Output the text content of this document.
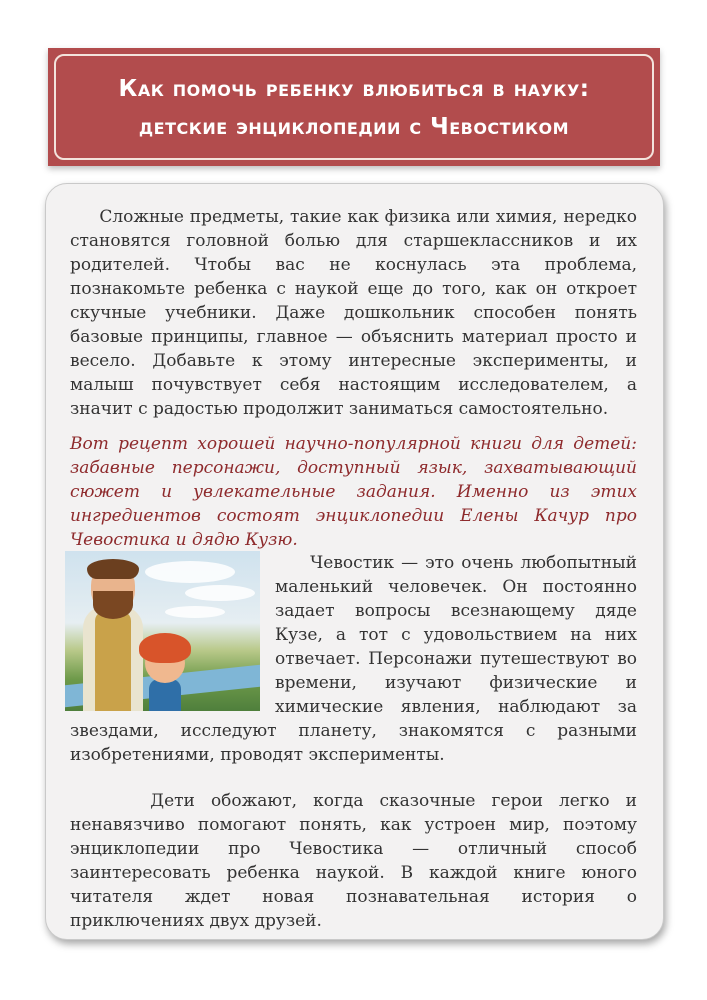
Как помочь ребенку влюбиться в науку:
детские энциклопедии с Чевостиком

Сложные предметы, такие как физика или химия, нередко становятся головной болью для старшеклассников и их родителей. Чтобы вас не коснулась эта проблема, познакомьте ребенка с наукой еще до того, как он откроет скучные учебники. Даже дошкольник способен понять базовые принципы, главное — объяснить материал просто и весело. Добавьте к этому интересные эксперименты, и малыш почувствует себя настоящим исследователем, а значит с радостью продолжит заниматься самостоятельно.

Вот рецепт хорошей научно-популярной книги для детей: забавные персонажи, доступный язык, захватывающий сюжет и увлекательные задания. Именно из этих ингредиентов состоят энциклопедии Елены Качур про Чевостика и дядю Кузю.

Чевостик — это очень любопытный маленький человечек. Он постоянно задает вопросы всезнающему дяде Кузе, а тот с удовольствием на них отвечает. Персонажи путешествуют во времени, изучают физические и химические явления, наблюдают за звездами, исследуют планету, знакомятся с разными изобретениями, проводят эксперименты.

Дети обожают, когда сказочные герои легко и ненавязчиво помогают понять, как устроен мир, поэтому энциклопедии про Чевостика — отличный способ заинтересовать ребенка наукой. В каждой книге юного читателя ждет новая познавательная история о приключениях двух друзей.
